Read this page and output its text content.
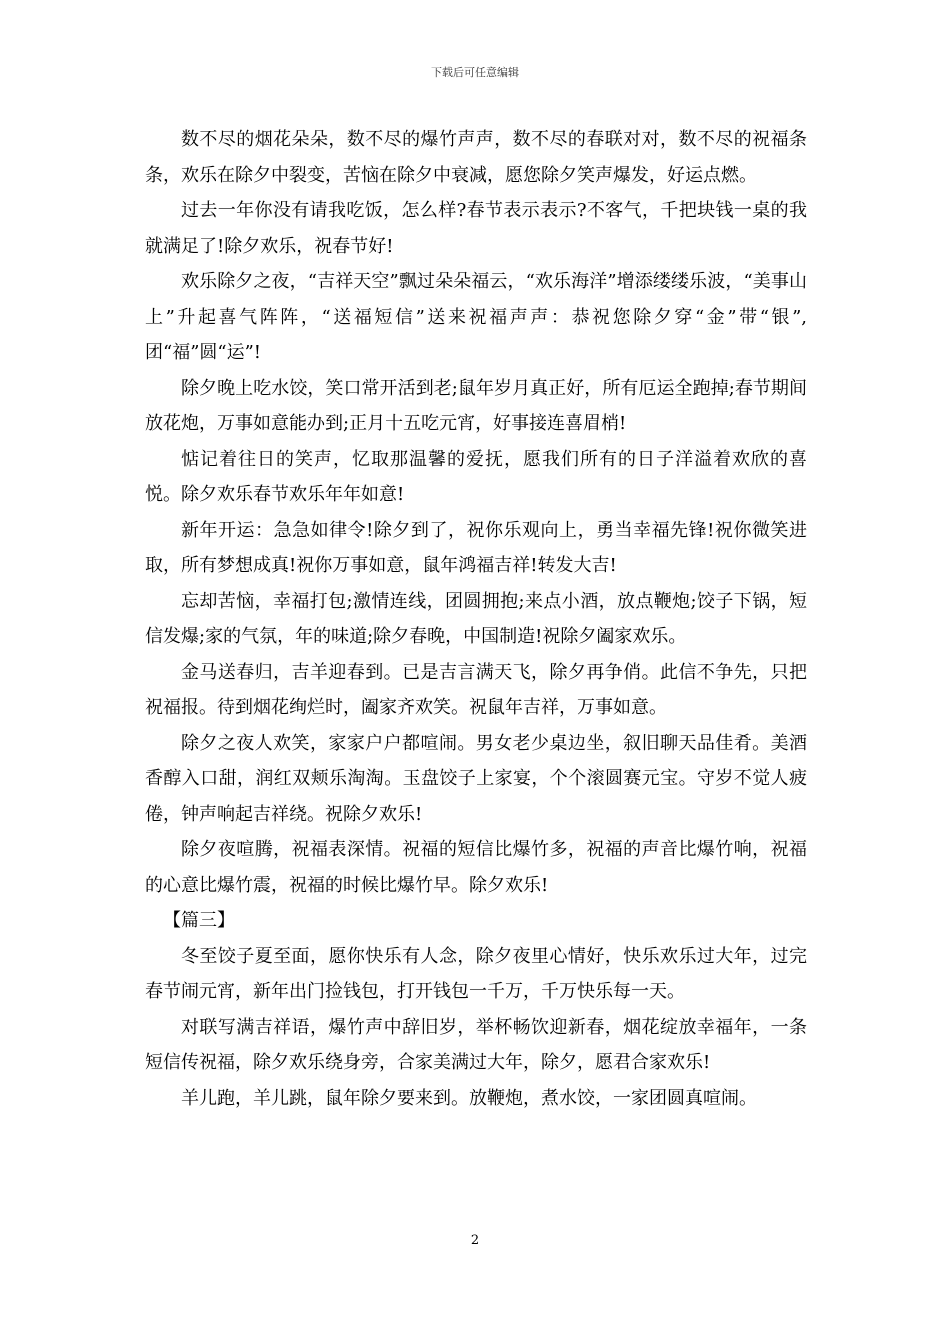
下载后可任意编辑

数不尽的烟花朵朵，数不尽的爆竹声声，数不尽的春联对对，数不尽的祝福条条，欢乐在除夕中裂变，苦恼在除夕中衰减，愿您除夕笑声爆发，好运点燃。

过去一年你没有请我吃饭，怎么样?春节表示表示?不客气，千把块钱一桌的我就满足了!除夕欢乐，祝春节好!

欢乐除夕之夜，“吉祥天空”飘过朵朵福云，“欢乐海洋”增添缕缕乐波，“美事山上”升起喜气阵阵，“送福短信”送来祝福声声：恭祝您除夕穿“金”带“银”,团“福”圆“运”!

除夕晚上吃水饺，笑口常开活到老;鼠年岁月真正好，所有厄运全跑掉;春节期间放花炮，万事如意能办到;正月十五吃元宵，好事接连喜眉梢!

惦记着往日的笑声，忆取那温馨的爱抚，愿我们所有的日子洋溢着欢欣的喜悦。除夕欢乐春节欢乐年年如意!

新年开运：急急如律令!除夕到了，祝你乐观向上，勇当幸福先锋!祝你微笑进取，所有梦想成真!祝你万事如意，鼠年鸿福吉祥!转发大吉!

忘却苦恼，幸福打包;激情连线，团圆拥抱;来点小酒，放点鞭炮;饺子下锅，短信发爆;家的气氛，年的味道;除夕春晚，中国制造!祝除夕阖家欢乐。

金马送春归，吉羊迎春到。已是吉言满天飞，除夕再争俏。此信不争先，只把祝福报。待到烟花绚烂时，阖家齐欢笑。祝鼠年吉祥，万事如意。

除夕之夜人欢笑，家家户户都喧闹。男女老少桌边坐，叙旧聊天品佳肴。美酒香醇入口甜，润红双颊乐淘淘。玉盘饺子上家宴，个个滚圆赛元宝。守岁不觉人疲倦，钟声响起吉祥绕。祝除夕欢乐!

除夕夜喧腾，祝福表深情。祝福的短信比爆竹多，祝福的声音比爆竹响，祝福的心意比爆竹震，祝福的时候比爆竹早。除夕欢乐!

【篇三】

冬至饺子夏至面，愿你快乐有人念，除夕夜里心情好，快乐欢乐过大年，过完春节闹元宵，新年出门捡钱包，打开钱包一千万，千万快乐每一天。

对联写满吉祥语，爆竹声中辞旧岁，举杯畅饮迎新春，烟花绽放幸福年，一条短信传祝福，除夕欢乐绕身旁，合家美满过大年，除夕，愿君合家欢乐!

羊儿跑，羊儿跳，鼠年除夕要来到。放鞭炮，煮水饺，一家团圆真喧闹。

2
